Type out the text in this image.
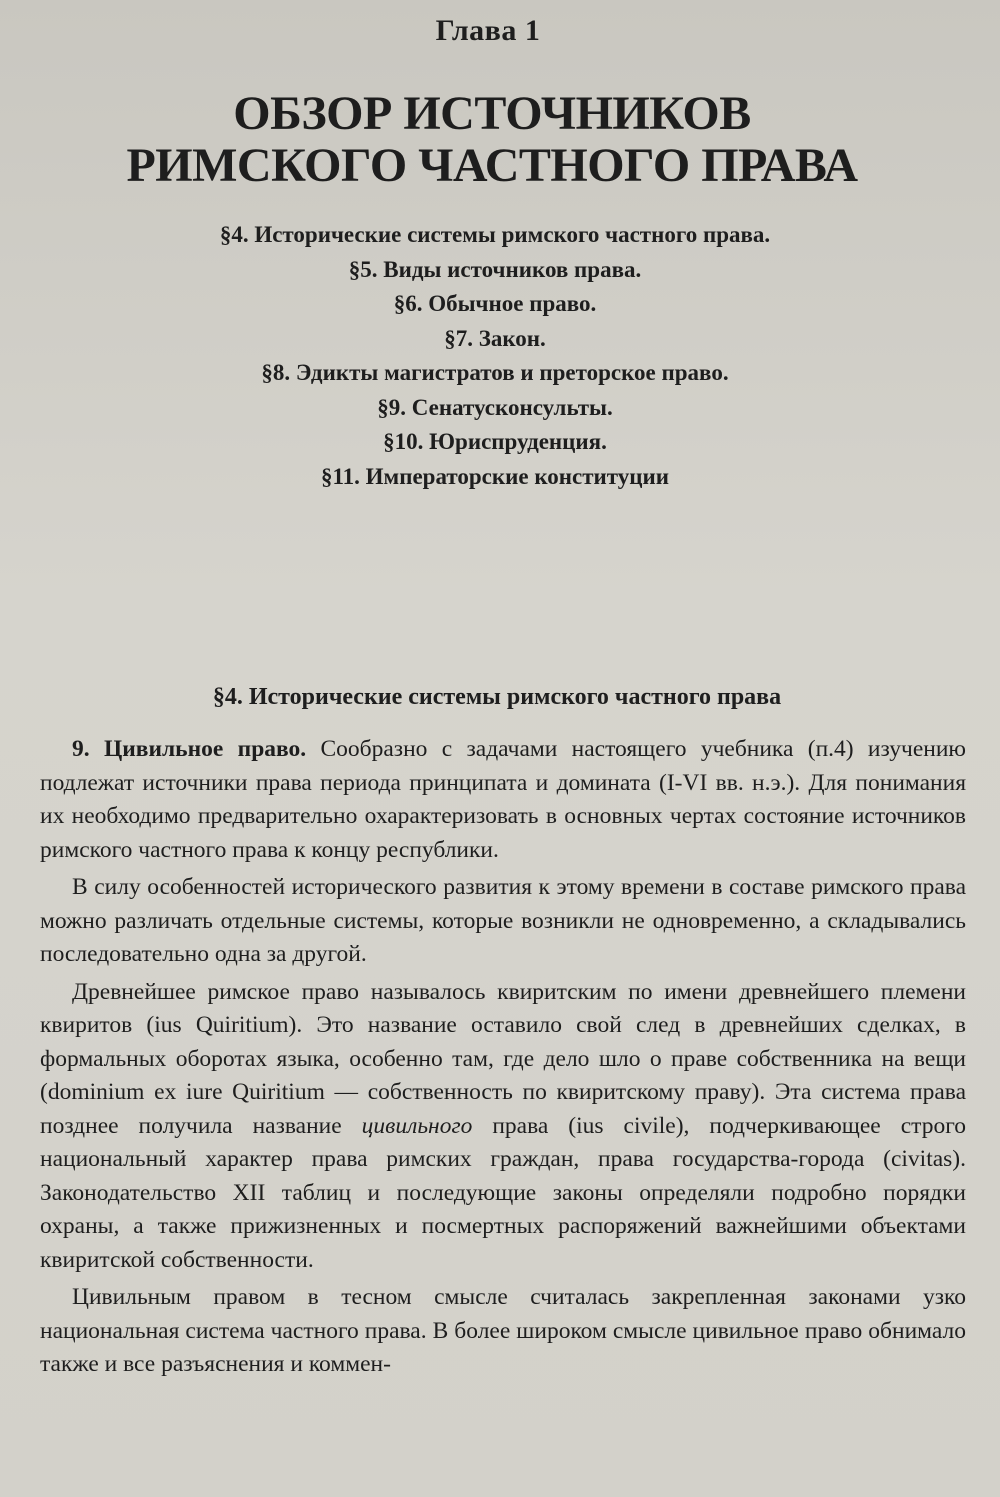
Глава 1
ОБЗОР ИСТОЧНИКОВ
РИМСКОГО ЧАСТНОГО ПРАВА
§4. Исторические системы римского частного права.
§5. Виды источников права.
§6. Обычное право.
§7. Закон.
§8. Эдикты магистратов и преторское право.
§9. Сенатусконсульты.
§10. Юриспруденция.
§11. Императорские конституции
§4. Исторические системы римского частного права

9. Цивильное право. Сообразно с задачами настоящего учебника (п.4) изучению подлежат источники права периода принципата и домината (I-VI вв. н.э.). Для понимания их необходимо предварительно охарактеризовать в основных чертах состояние источников римского частного права к концу республики.

В силу особенностей исторического развития к этому времени в составе римского права можно различать отдельные системы, которые возникли не одновременно, а складывались последовательно одна за другой.

Древнейшее римское право называлось квиритским по имени древнейшего племени квиритов (ius Quiritium). Это название оставило свой след в древнейших сделках, в формальных оборотах языка, особенно там, где дело шло о праве собственника на вещи (dominium ex iure Quiritium — собственность по квиритскому праву). Эта система права позднее получила название цивильного права (ius civile), подчеркивающее строго национальный характер права римских граждан, права государства-города (civitas). Законодательство XII таблиц и последующие законы определяли подробно порядки охраны, а также прижизненных и посмертных распоряжений важнейшими объектами квиритской собственности.

Цивильным правом в тесном смысле считалась закрепленная законами узко национальная система частного права. В более широком смысле цивильное право обнимало также и все разъяснения и коммен-
